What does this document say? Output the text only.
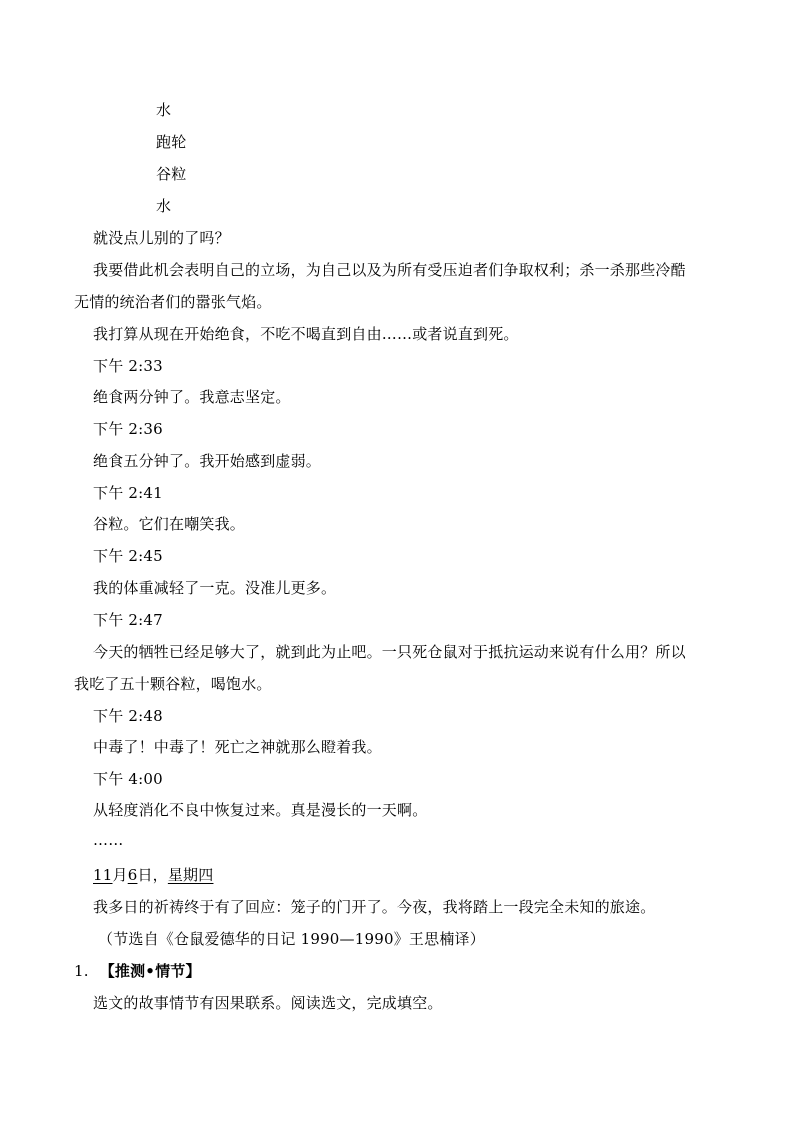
水
跑轮
谷粒
水
就没点儿别的了吗？
我要借此机会表明自己的立场，为自己以及为所有受压迫者们争取权利；杀一杀那些冷酷
无情的统治者们的嚣张气焰。
我打算从现在开始绝食，不吃不喝直到自由……或者说直到死。
下午 2:33
绝食两分钟了。我意志坚定。
下午 2:36
绝食五分钟了。我开始感到虚弱。
下午 2:41
谷粒。它们在嘲笑我。
下午 2:45
我的体重减轻了一克。没准儿更多。
下午 2:47
今天的牺牲已经足够大了，就到此为止吧。一只死仓鼠对于抵抗运动来说有什么用？所以
我吃了五十颗谷粒，喝饱水。
下午 2:48
中毒了！中毒了！死亡之神就那么瞪着我。
下午 4:00
从轻度消化不良中恢复过来。真是漫长的一天啊。
……
11月6日，星期四
我多日的祈祷终于有了回应：笼子的门开了。今夜，我将踏上一段完全未知的旅途。
（节选自《仓鼠爱德华的日记 1990—1990》王思楠译）
1. 【推测•情节】
选文的故事情节有因果联系。阅读选文，完成填空。
